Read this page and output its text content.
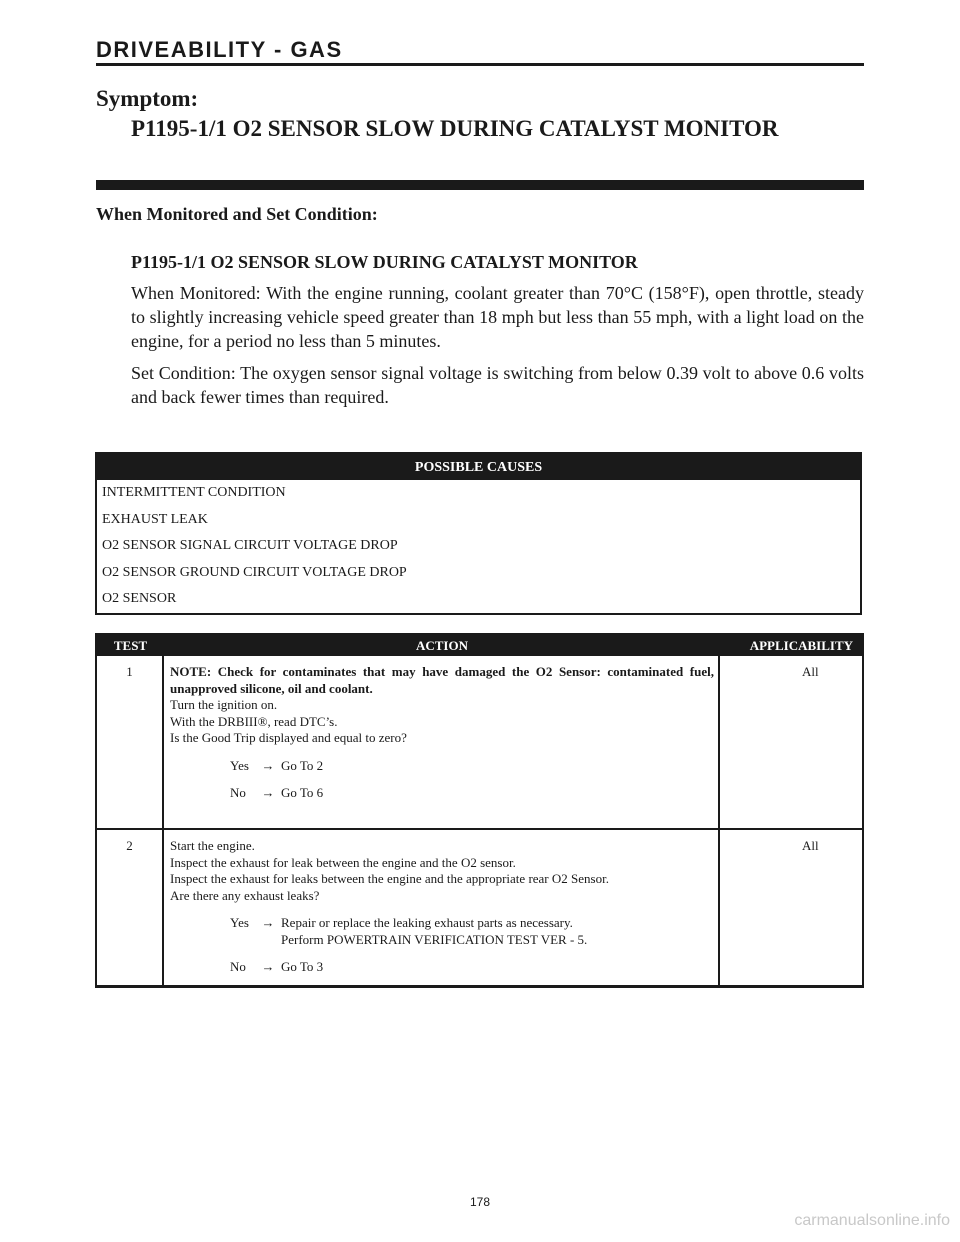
DRIVEABILITY - GAS
Symptom:
P1195-1/1 O2 SENSOR SLOW DURING CATALYST MONITOR
When Monitored and Set Condition:
P1195-1/1 O2 SENSOR SLOW DURING CATALYST MONITOR

When Monitored: With the engine running, coolant greater than 70°C (158°F), open throttle, steady to slightly increasing vehicle speed greater than 18 mph but less than 55 mph, with a light load on the engine, for a period no less than 5 minutes.

Set Condition: The oxygen sensor signal voltage is switching from below 0.39 volt to above 0.6 volts and back fewer times than required.

POSSIBLE CAUSES
INTERMITTENT CONDITION
EXHAUST LEAK
O2 SENSOR SIGNAL CIRCUIT VOLTAGE DROP
O2 SENSOR GROUND CIRCUIT VOLTAGE DROP
O2 SENSOR
TEST	ACTION	APPLICABILITY
1	NOTE: Check for contaminates that may have damaged the O2 Sensor: contaminated fuel, unapproved silicone, oil and coolant.
Turn the ignition on.
With the DRBIII®, read DTC’s.
Is the Good Trip displayed and equal to zero?
Yes → Go To 2
No	→ Go To 6
All
2	Start the engine.
Inspect the exhaust for leak between the engine and the O2 sensor.
Inspect the exhaust for leaks between the engine and the appropriate rear O2 Sensor.
Are there any exhaust leaks?
Yes → Repair or replace the leaking exhaust parts as necessary.
Perform POWERTRAIN VERIFICATION TEST VER - 5.
No	→ Go To 3
All
178
carmanualsonline.info
